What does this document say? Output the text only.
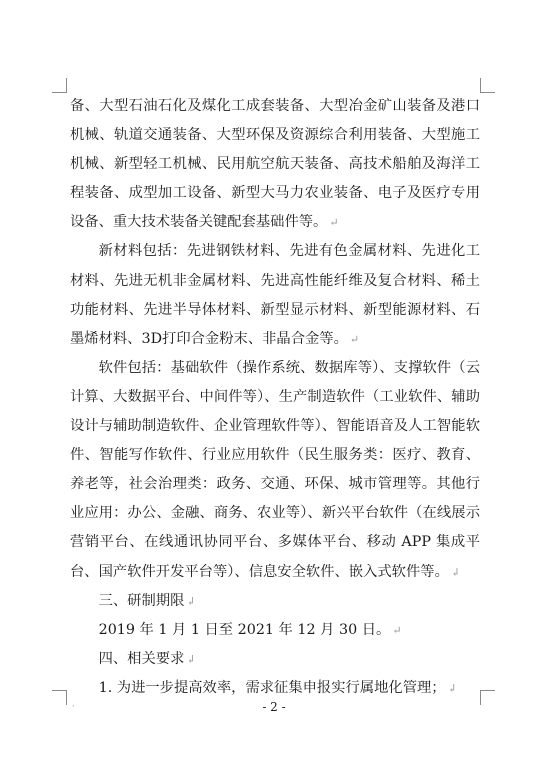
备、大型石油石化及煤化工成套装备、大型冶金矿山装备及港口机械、轨道交通装备、大型环保及资源综合利用装备、大型施工机械、新型轻工机械、民用航空航天装备、高技术船舶及海洋工程装备、成型加工设备、新型大马力农业装备、电子及医疗专用设备、重大技术装备关键配套基础件等。 ↵

新材料包括：先进钢铁材料、先进有色金属材料、先进化工材料、先进无机非金属材料、先进高性能纤维及复合材料、稀土功能材料、先进半导体材料、新型显示材料、新型能源材料、石墨烯材料、3D打印合金粉末、非晶合金等。 ↵

软件包括：基础软件（操作系统、数据库等）、支撑软件（云计算、大数据平台、中间件等）、生产制造软件（工业软件、辅助设计与辅助制造软件、企业管理软件等）、智能语音及人工智能软件、智能写作软件、行业应用软件（民生服务类：医疗、教育、养老等，社会治理类：政务、交通、环保、城市管理等。其他行业应用：办公、金融、商务、农业等）、新兴平台软件（在线展示营销平台、在线通讯协同平台、多媒体平台、移动 APP 集成平台、国产软件开发平台等）、信息安全软件、嵌入式软件等。 ↲

三、研制期限 ↲

2019 年 1 月 1 日至 2021 年 12 月 30 日。 ↵

四、相关要求 ↲

1. 为进一步提高效率，需求征集申报实行属地化管理； ↲

·	- 2 -
